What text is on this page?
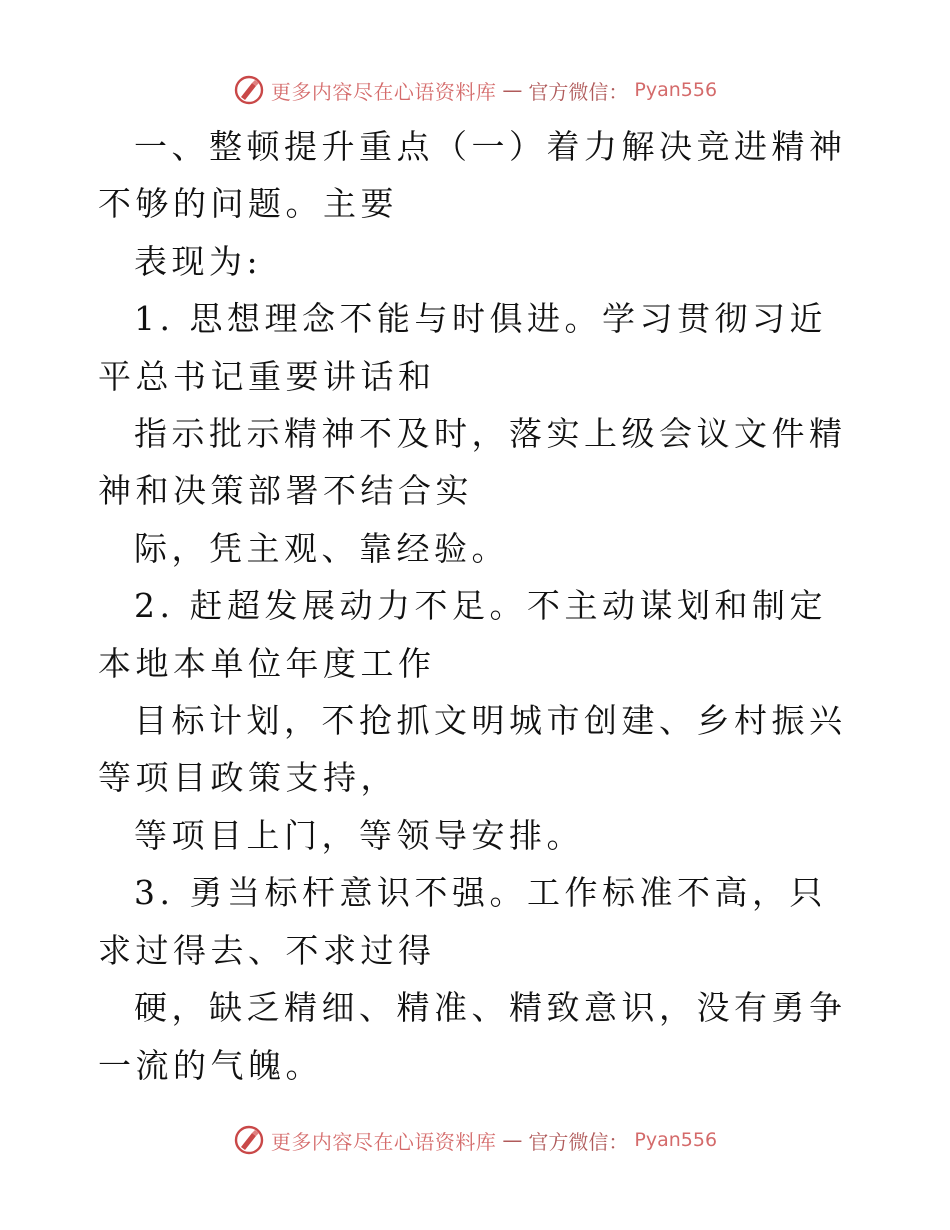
更多内容尽在心语资料库 — 官方微信： Pyan556

一、整顿提升重点（一）着力解决竞进精神不够的问题。主要

表现为:

1. 思想理念不能与时俱进。学习贯彻习近平总书记重要讲话和

指示批示精神不及时，落实上级会议文件精神和决策部署不结合实

际，凭主观、靠经验。

2. 赶超发展动力不足。不主动谋划和制定本地本单位年度工作

目标计划，不抢抓文明城市创建、乡村振兴等项目政策支持，

等项目上门，等领导安排。

3. 勇当标杆意识不强。工作标准不高，只求过得去、不求过得

硬，缺乏精细、精准、精致意识，没有勇争一流的气魄。

更多内容尽在心语资料库 — 官方微信： Pyan556
